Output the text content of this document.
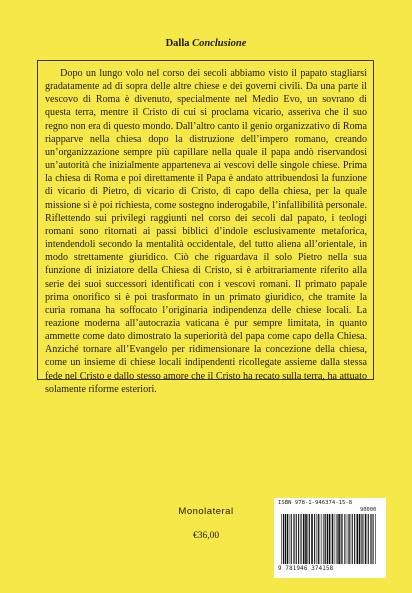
Dalla Conclusione

Dopo un lungo volo nel corso dei secoli abbiamo visto il papato stagliarsi gradatamente ad di sopra delle altre chiese e dei governi civili. Da una parte il vescovo di Roma è divenuto, specialmente nel Medio Evo, un sovrano di questa terra, mentre il Cristo di cui si proclama vicario, asseriva che il suo regno non era di questo mondo. Dall’altro canto il genio organizzativo di Roma riapparve nella chiesa dopo la distruzione dell’impero romano, creando un’organizzazione sempre più capillare nella quale il papa andò riservandosi un’autorità che inizialmente apparteneva ai vescovi delle singole chiese. Prima la chiesa di Roma e poi direttamente il Papa è andato attribuendosi la funzione di vicario di Pietro, di vicario di Cristo, di capo della chiesa, per la quale missione si è poi richiesta, come sostegno inderogabile, l’infallibilità personale. Riflettendo sui privilegi raggiunti nel corso dei secoli dal papato, i teologi romani sono ritornati ai passi biblici d’indole esclusivamente metaforica, intendendoli secondo la mentalità occidentale, del tutto aliena all’orientale, in modo strettamente giuridico. Ciò che riguardava il solo Pietro nella sua funzione di iniziatore della Chiesa di Cristo, si è arbitrariamente riferito alla serie dei suoi successori identificati con i vescovi romani. Il primato papale prima onorifico si è poi trasformato in un primato giuridico, che tramite la curia romana ha soffocato l’originaria indipendenza delle chiese locali. La reazione moderna all’autocrazia vaticana è pur sempre limitata, in quanto ammette come dato dimostrato la superiorità del papa come capo della Chiesa. Anziché tornare all’Evangelo per ridimensionare la concezione della chiesa, come un insieme di chiese locali indipendenti ricollegate assieme dalla stessa fede nel Cristo e dallo stesso amore che il Cristo ha recato sulla terra, ha attuato solamente riforme esteriori.

Monolateral
€36,00
ISBN 978-1-946374-15-8
90000
9 781946 374158
